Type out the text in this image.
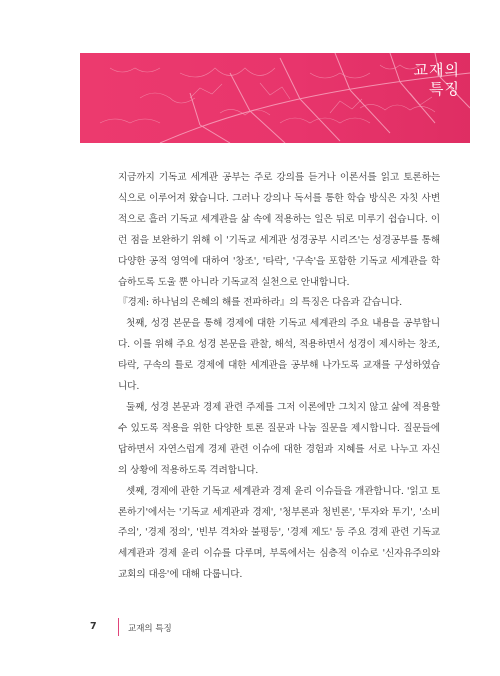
교재의
특징

지금까지 기독교 세계관 공부는 주로 강의를 듣거나 이론서를 읽고 토론하는 식으로 이루어져 왔습니다. 그러나 강의나 독서를 통한 학습 방식은 자칫 사변적으로 흘러 기독교 세계관을 삶 속에 적용하는 일은 뒤로 미루기 쉽습니다. 이런 점을 보완하기 위해 이 '기독교 세계관 성경공부 시리즈'는 성경공부를 통해 다양한 공적 영역에 대하여 '창조', '타락', '구속'을 포함한 기독교 세계관을 학습하도록 도울 뿐 아니라 기독교적 실천으로 안내합니다.

『경제: 하나님의 은혜의 해를 전파하라』의 특징은 다음과 같습니다.

첫째, 성경 본문을 통해 경제에 대한 기독교 세계관의 주요 내용을 공부합니다. 이를 위해 주요 성경 본문을 관찰, 해석, 적용하면서 성경이 제시하는 창조, 타락, 구속의 틀로 경제에 대한 세계관을 공부해 나가도록 교재를 구성하였습니다.

둘째, 성경 본문과 경제 관련 주제를 그저 이론에만 그치지 않고 삶에 적용할 수 있도록 적용을 위한 다양한 토론 질문과 나눔 질문을 제시합니다. 질문들에 답하면서 자연스럽게 경제 관련 이슈에 대한 경험과 지혜를 서로 나누고 자신의 상황에 적용하도록 격려합니다.

셋째, 경제에 관한 기독교 세계관과 경제 윤리 이슈들을 개관합니다. '읽고 토론하기'에서는 '기독교 세계관과 경제', '청부론과 청빈론', '투자와 투기', '소비주의', '경제 정의', '빈부 격차와 불평등', '경제 제도' 등 주요 경제 관련 기독교 세계관과 경제 윤리 이슈를 다루며, 부록에서는 심층적 이슈로 '신자유주의와 교회의 대응'에 대해 다룹니다.

7	교재의 특징
